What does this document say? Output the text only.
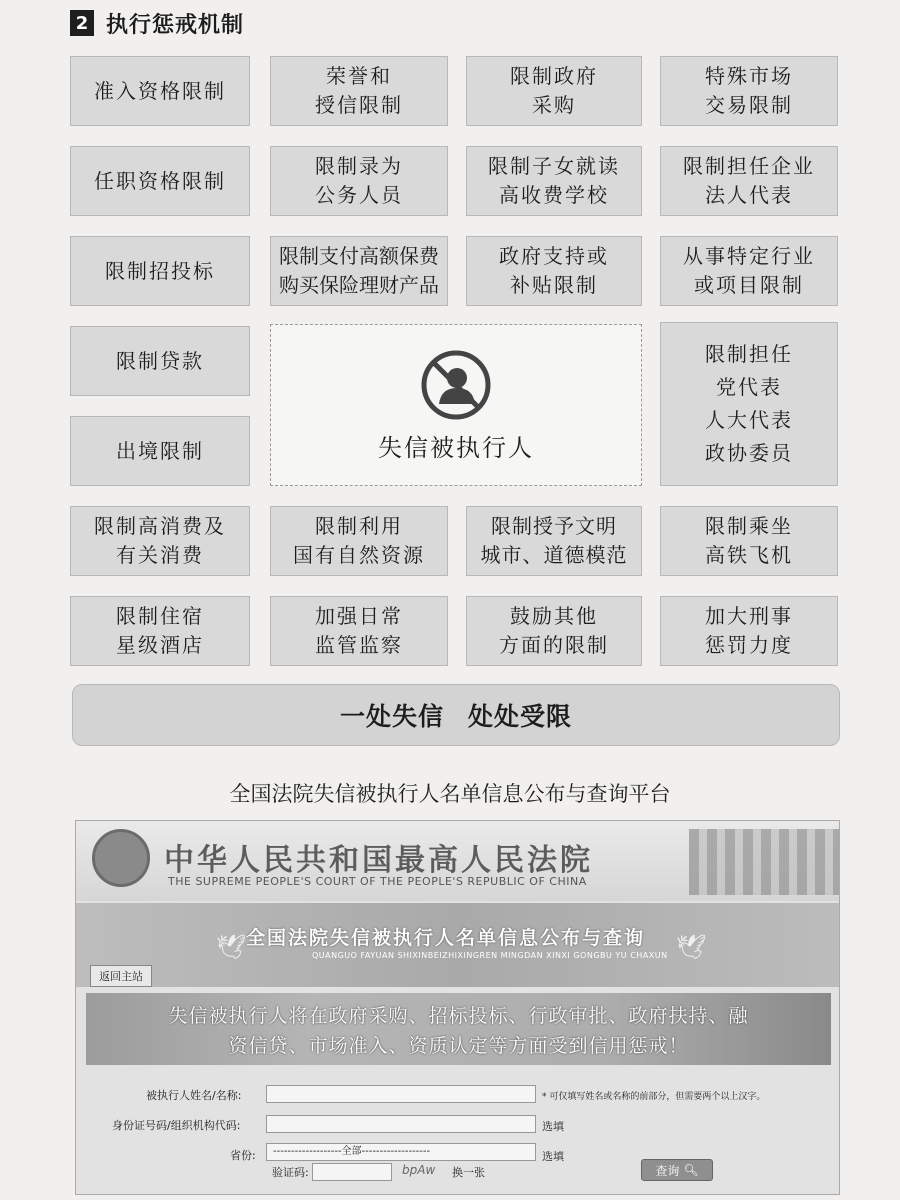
2 执行惩戒机制
准入资格限制
荣誉和
授信限制
限制政府
采购
特殊市场
交易限制
任职资格限制
限制录为
公务人员
限制子女就读
高收费学校
限制担任企业
法人代表
限制招投标
限制支付高额保费
购买保险理财产品
政府支持或
补贴限制
从事特定行业
或项目限制
限制贷款
出境限制
限制担任
党代表
人大代表
政协委员
失信被执行人
限制高消费及
有关消费
限制利用
国有自然资源
限制授予文明
城市、道德模范
限制乘坐
高铁飞机
限制住宿
星级酒店
加强日常
监管监察
鼓励其他
方面的限制
加大刑事
惩罚力度
一处失信 处处受限
全国法院失信被执行人名单信息公布与查询平台
中华人民共和国最高人民法院
THE SUPREME PEOPLE'S COURT OF THE PEOPLE'S REPUBLIC OF CHINA
🕊 全国法院失信被执行人名单信息公布与查询
QUANGUO FAYUAN SHIXINBEIZHIXINGREN MINGDAN XINXI GONGBU YU CHAXUN 🕊
返回主站
失信被执行人将在政府采购、招标投标、行政审批、政府扶持、融
资信贷、市场准入、资质认定等方面受到信用惩戒！
被执行人姓名/名称:	* 可仅填写姓名或名称的前部分，但需要两个以上汉字。
身份证号码/组织机构代码:	选填
省份:	-------------------全部-------------------	选填
验证码:	bpAw 换一张	查询 🔍︎
